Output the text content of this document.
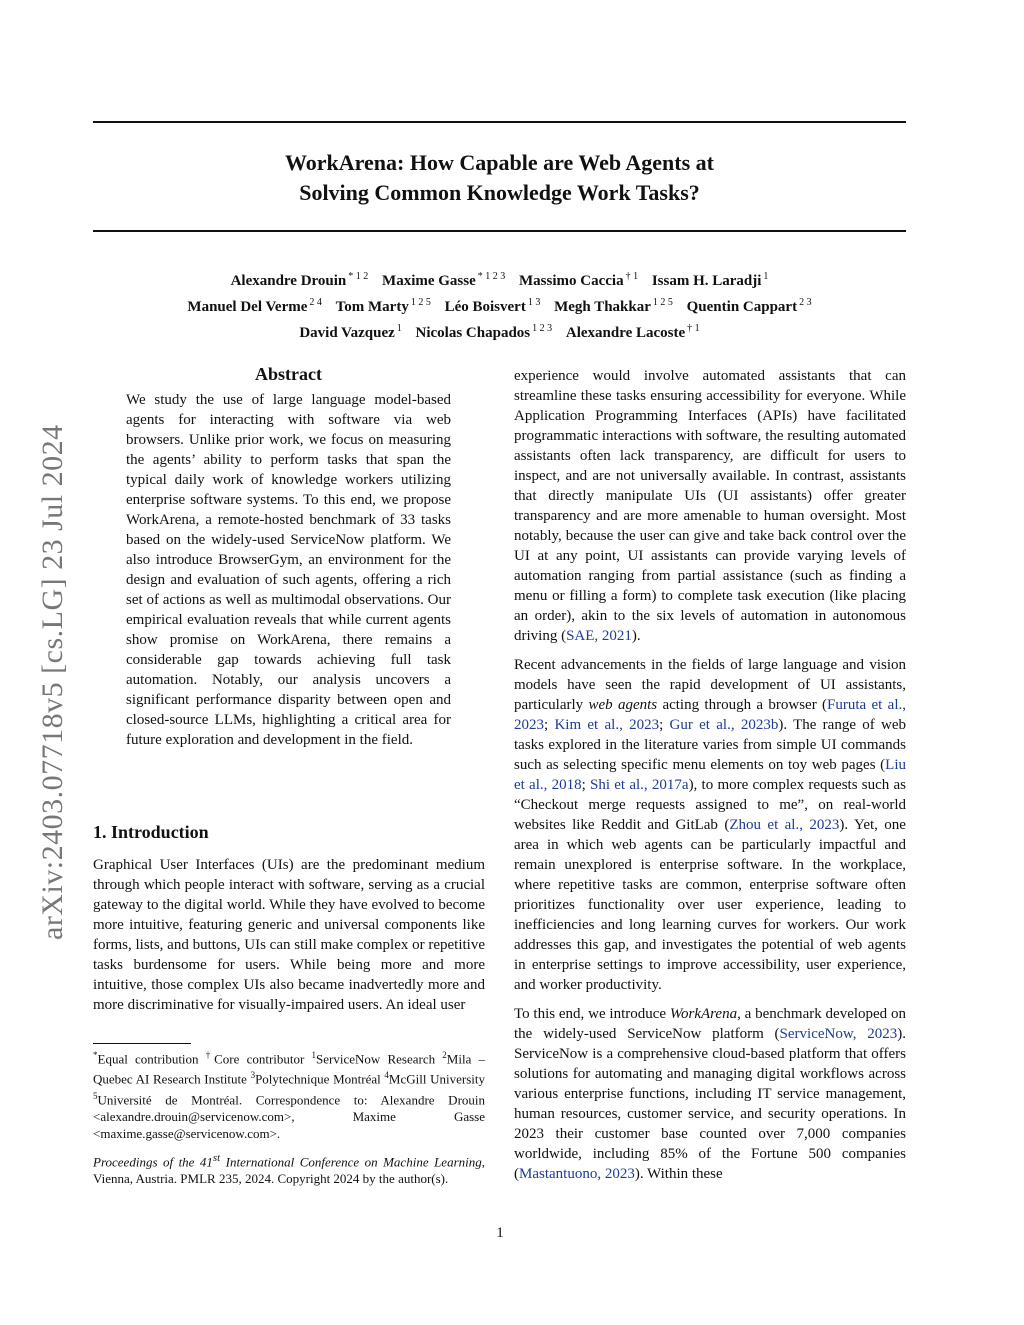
WorkArena: How Capable are Web Agents at
Solving Common Knowledge Work Tasks?
Alexandre Drouin $^{* 1 2}$ Maxime Gasse $^{* 1 2 3}$ Massimo Caccia $^{\dagger 1}$ Issam H. Laradji $^1$
Manuel Del Verme $^{2 4}$ Tom Marty $^{1 2 5}$ Léo Boisvert $^{1 3}$ Megh Thakkar $^{1 2 5}$ Quentin Cappart $^{2 3}$
David Vazquez $^1$ Nicolas Chapados $^{1 2 3}$ Alexandre Lacoste $^{\dagger 1}$
arXiv:2403.07718v5 [cs.LG] 23 Jul 2024
Abstract
We study the use of large language model-based agents for interacting with software via web browsers. Unlike prior work, we focus on measuring the agents’ ability to perform tasks that span the typical daily work of knowledge workers utilizing enterprise software systems. To this end, we propose WorkArena, a remote-hosted benchmark of 33 tasks based on the widely-used ServiceNow platform. We also introduce BrowserGym, an environment for the design and evaluation of such agents, offering a rich set of actions as well as multimodal observations. Our empirical evaluation reveals that while current agents show promise on WorkArena, there remains a considerable gap towards achieving full task automation. Notably, our analysis uncovers a significant performance disparity between open and closed-source LLMs, highlighting a critical area for future exploration and development in the field.
1. Introduction
Graphical User Interfaces (UIs) are the predominant medium through which people interact with software, serving as a crucial gateway to the digital world. While they have evolved to become more intuitive, featuring generic and universal components like forms, lists, and buttons, UIs can still make complex or repetitive tasks burdensome for users. While being more and more intuitive, those complex UIs also became inadvertedly more and more discriminative for visually-impaired users. An ideal user
*Equal contribution †Core contributor $^1$ServiceNow Research $^2$Mila – Quebec AI Research Institute $^3$Polytechnique Montréal $^4$McGill University $^5$Université de Montréal. Correspondence to: Alexandre Drouin <alexandre.drouin@servicenow.com>, Maxime Gasse <maxime.gasse@servicenow.com>.
Proceedings of the 41st International Conference on Machine Learning, Vienna, Austria. PMLR 235, 2024. Copyright 2024 by the author(s).

experience would involve automated assistants that can streamline these tasks ensuring accessibility for everyone. While Application Programming Interfaces (APIs) have facilitated programmatic interactions with software, the resulting automated assistants often lack transparency, are difficult for users to inspect, and are not universally available. In contrast, assistants that directly manipulate UIs (UI assistants) offer greater transparency and are more amenable to human oversight. Most notably, because the user can give and take back control over the UI at any point, UI assistants can provide varying levels of automation ranging from partial assistance (such as finding a menu or filling a form) to complete task execution (like placing an order), akin to the six levels of automation in autonomous driving (SAE, 2021).

Recent advancements in the fields of large language and vision models have seen the rapid development of UI assistants, particularly web agents acting through a browser (Furuta et al., 2023; Kim et al., 2023; Gur et al., 2023b). The range of web tasks explored in the literature varies from simple UI commands such as selecting specific menu elements on toy web pages (Liu et al., 2018; Shi et al., 2017a), to more complex requests such as “Checkout merge requests assigned to me”, on real-world websites like Reddit and GitLab (Zhou et al., 2023). Yet, one area in which web agents can be particularly impactful and remain unexplored is enterprise software. In the workplace, where repetitive tasks are common, enterprise software often prioritizes functionality over user experience, leading to inefficiencies and long learning curves for workers. Our work addresses this gap, and investigates the potential of web agents in enterprise settings to improve accessibility, user experience, and worker productivity.

To this end, we introduce WorkArena, a benchmark developed on the widely-used ServiceNow platform (ServiceNow, 2023). ServiceNow is a comprehensive cloud-based platform that offers solutions for automating and managing digital workflows across various enterprise functions, including IT service management, human resources, customer service, and security operations. In 2023 their customer base counted over 7,000 companies worldwide, including 85% of the Fortune 500 companies (Mastantuono, 2023). Within these

1
